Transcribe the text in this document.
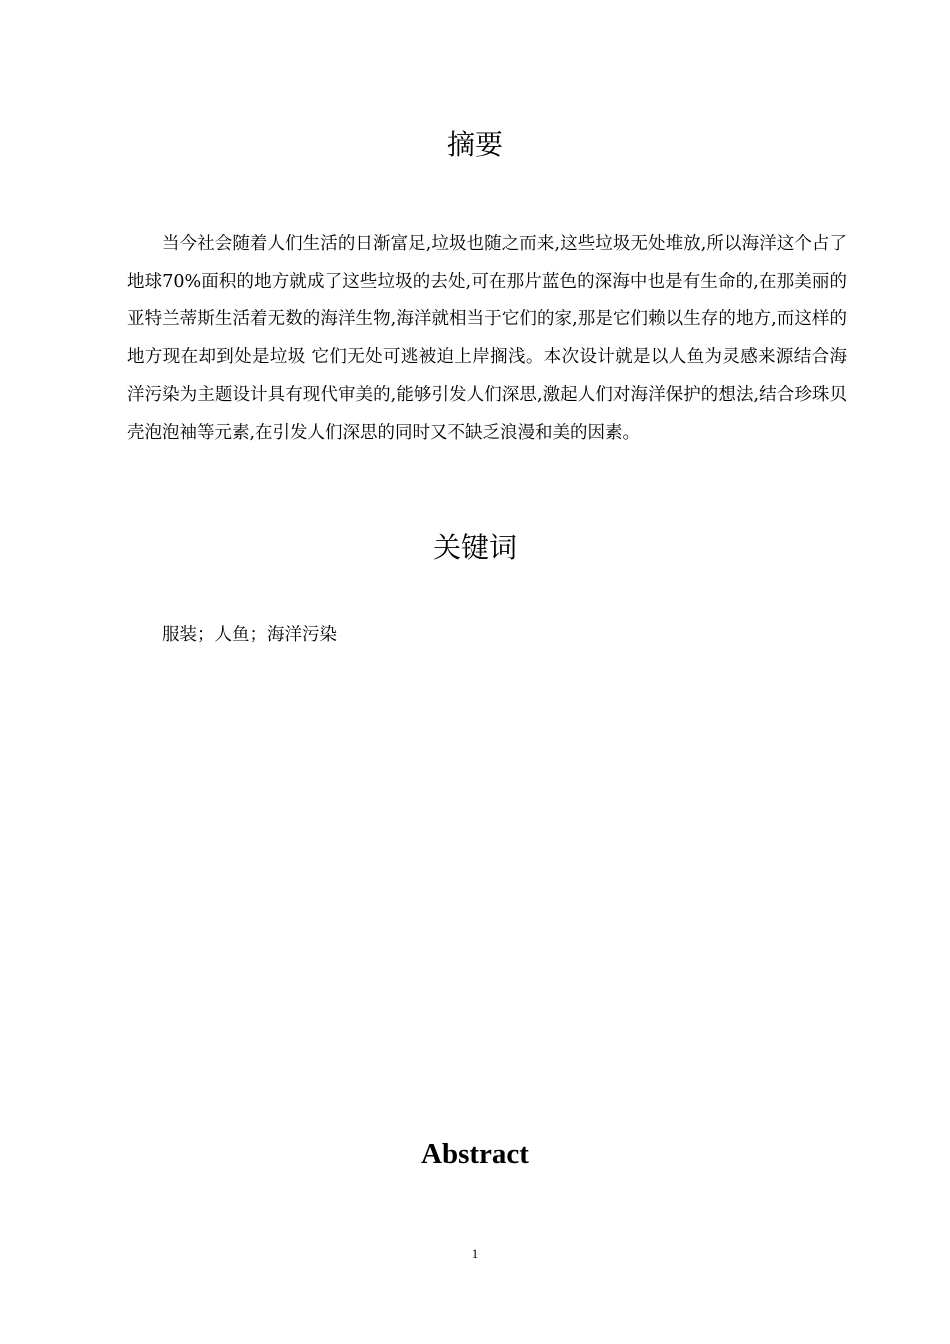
摘要

当今社会随着人们生活的日渐富足,垃圾也随之而来,这些垃圾无处堆放,所以海洋这个占了地球70%面积的地方就成了这些垃圾的去处,可在那片蓝色的深海中也是有生命的,在那美丽的亚特兰蒂斯生活着无数的海洋生物,海洋就相当于它们的家,那是它们赖以生存的地方,而这样的地方现在却到处是垃圾 它们无处可逃被迫上岸搁浅。本次设计就是以人鱼为灵感来源结合海洋污染为主题设计具有现代审美的,能够引发人们深思,激起人们对海洋保护的想法,结合珍珠贝壳泡泡袖等元素,在引发人们深思的同时又不缺乏浪漫和美的因素。

关键词

服装；人鱼；海洋污染

Abstract
1
